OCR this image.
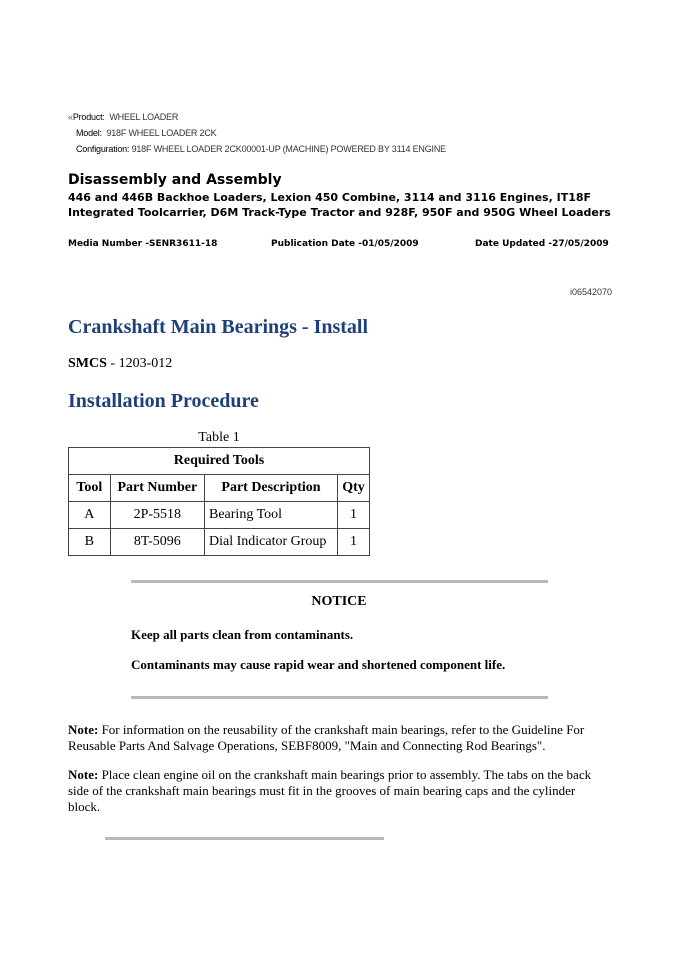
«Product: WHEEL LOADER
Model: 918F WHEEL LOADER 2CK
Configuration: 918F WHEEL LOADER 2CK00001-UP (MACHINE) POWERED BY 3114 ENGINE
Disassembly and Assembly
446 and 446B Backhoe Loaders, Lexion 450 Combine, 3114 and 3116 Engines, IT18F Integrated Toolcarrier, D6M Track-Type Tractor and 928F, 950F and 950G Wheel Loaders
Media Number -SENR3611-18	Publication Date -01/05/2009	Date Updated -27/05/2009
i06542070
Crankshaft Main Bearings - Install
SMCS - 1203-012
Installation Procedure
Table 1
Required Tools			
Tool	Part Number	Part Description	Qty
A	2P-5518	Bearing Tool	1
B	8T-5096	Dial Indicator Group	1
NOTICE
Keep all parts clean from contaminants.
Contaminants may cause rapid wear and shortened component life.
Note: For information on the reusability of the crankshaft main bearings, refer to the Guideline For Reusable Parts And Salvage Operations, SEBF8009, "Main and Connecting Rod Bearings".
Note: Place clean engine oil on the crankshaft main bearings prior to assembly. The tabs on the back side of the crankshaft main bearings must fit in the grooves of main bearing caps and the cylinder block.
